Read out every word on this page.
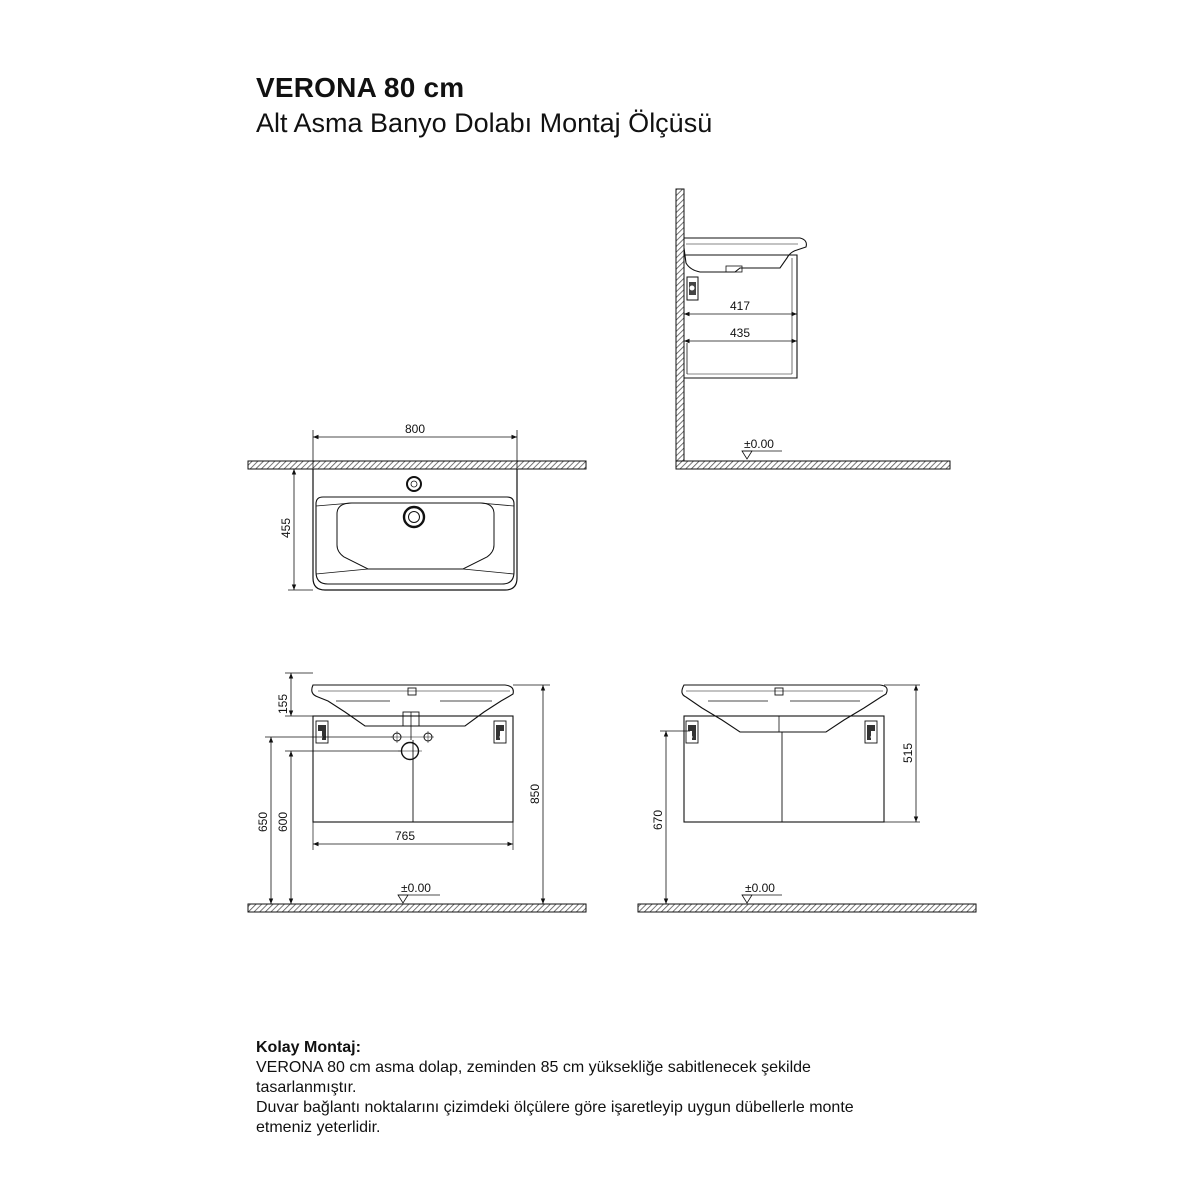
VERONA 80 cm
Alt Asma Banyo Dolabı Montaj Ölçüsü
800
455
417
435
±0.00
155
650 600
765
850
±0.00
670
515
±0.00
Kolay Montaj:
VERONA 80 cm asma dolap, zeminden 85 cm yüksekliğe sabitlenecek şekilde
tasarlanmıştır.
Duvar bağlantı noktalarını çizimdeki ölçülere göre işaretleyip uygun dübellerle monte
etmeniz yeterlidir.
